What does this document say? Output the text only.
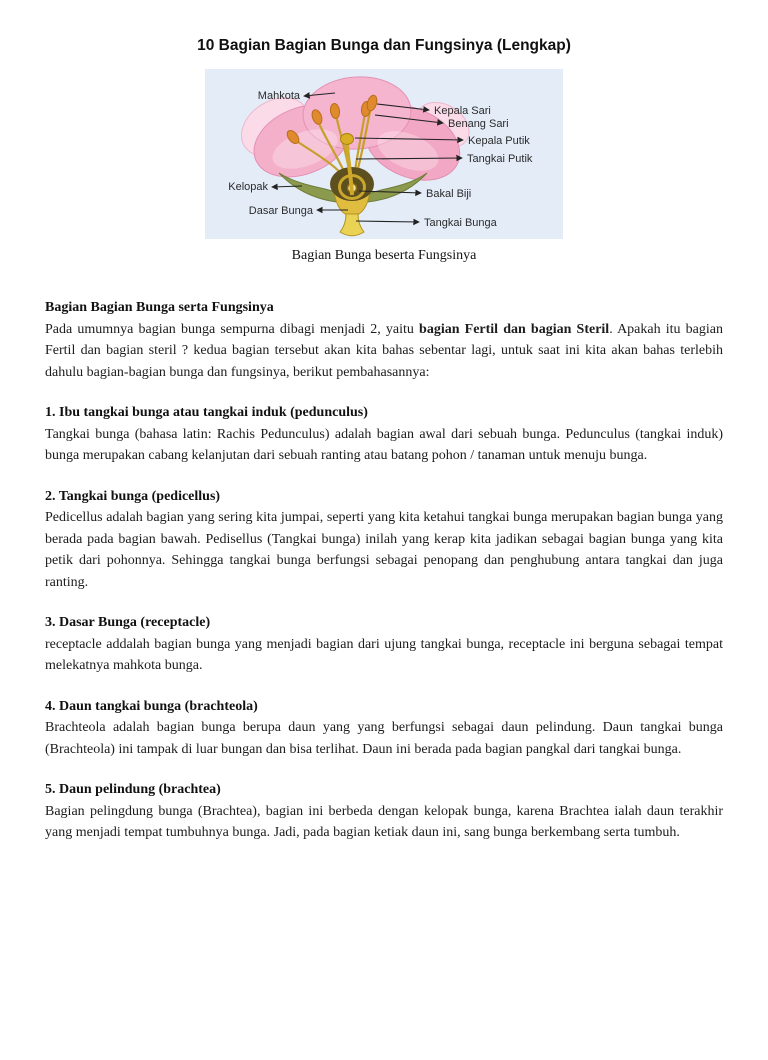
10 Bagian Bagian Bunga dan Fungsinya (Lengkap)
Mahkota
Kelopak
Dasar Bunga
Kepala Sari
Benang Sari
Kepala Putik
Tangkai Putik
Bakal Biji
Tangkai Bunga
Bagian Bunga beserta Fungsinya
Bagian Bagian Bunga serta Fungsinya

Pada umumnya bagian bunga sempurna dibagi menjadi 2, yaitu bagian Fertil dan bagian Steril. Apakah itu bagian Fertil dan bagian steril ? kedua bagian tersebut akan kita bahas sebentar lagi, untuk saat ini kita akan bahas terlebih dahulu bagian-bagian bunga dan fungsinya, berikut pembahasannya:

1. Ibu tangkai bunga atau tangkai induk (pedunculus)

Tangkai bunga (bahasa latin: Rachis Pedunculus) adalah bagian awal dari sebuah bunga. Pedunculus (tangkai induk) bunga merupakan cabang kelanjutan dari sebuah ranting atau batang pohon / tanaman untuk menuju bunga.

2. Tangkai bunga (pedicellus)

Pedicellus adalah bagian yang sering kita jumpai, seperti yang kita ketahui tangkai bunga merupakan bagian bunga yang berada pada bagian bawah. Pedisellus (Tangkai bunga) inilah yang kerap kita jadikan sebagai bagian bunga yang kita petik dari pohonnya. Sehingga tangkai bunga berfungsi sebagai penopang dan penghubung antara tangkai dan juga ranting.

3. Dasar Bunga (receptacle)

receptacle addalah bagian bunga yang menjadi bagian dari ujung tangkai bunga, receptacle ini berguna sebagai tempat melekatnya mahkota bunga.

4. Daun tangkai bunga (brachteola)

Brachteola adalah bagian bunga berupa daun yang yang berfungsi sebagai daun pelindung. Daun tangkai bunga (Brachteola) ini tampak di luar bungan dan bisa terlihat. Daun ini berada pada bagian pangkal dari tangkai bunga.

5. Daun pelindung (brachtea)

Bagian pelingdung bunga (Brachtea), bagian ini berbeda dengan kelopak bunga, karena Brachtea ialah daun terakhir yang menjadi tempat tumbuhnya bunga. Jadi, pada bagian ketiak daun ini, sang bunga berkembang serta tumbuh.
